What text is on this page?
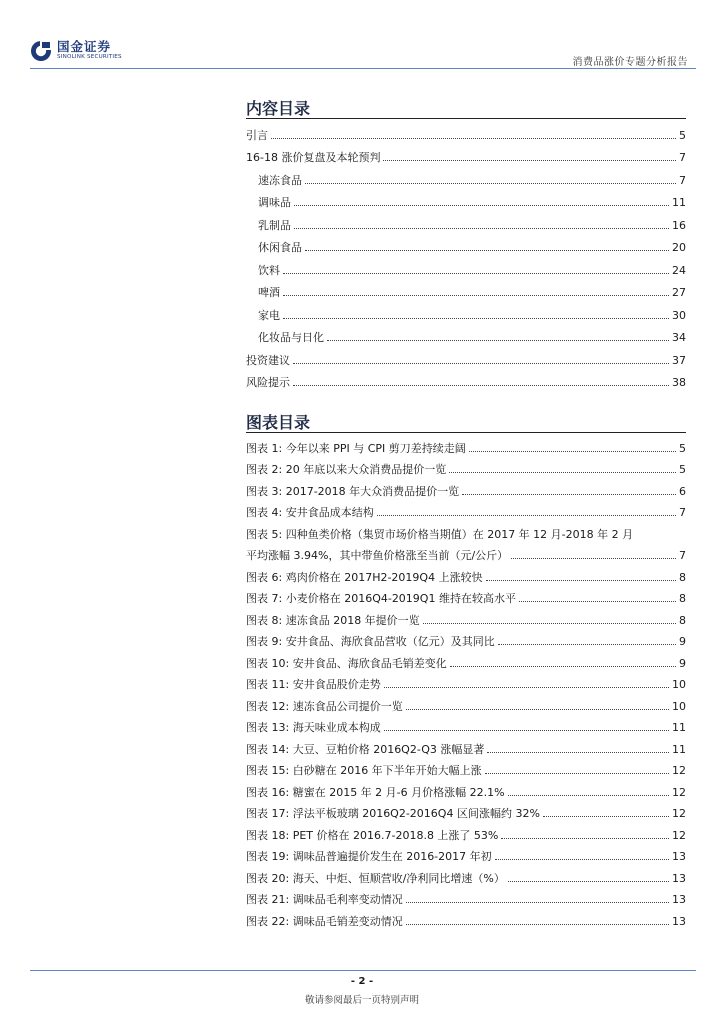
国金证券
SINOLINK SECURITIES	消费品涨价专题分析报告
内容目录
引言	5
16-18 涨价复盘及本轮预判	7
速冻食品	7
调味品	11
乳制品	16
休闲食品	20
饮料	24
啤酒	27
家电	30
化妆品与日化	34
投资建议	37
风险提示	38
图表目录
图表 1: 今年以来 PPI 与 CPI 剪刀差持续走阔	5
图表 2: 20 年底以来大众消费品提价一览	5
图表 3: 2017-2018 年大众消费品提价一览	6
图表 4: 安井食品成本结构	7
图表 5: 四种鱼类价格（集贸市场价格当期值）在 2017 年 12 月-2018 年 2 月
平均涨幅 3.94%，其中带鱼价格涨至当前（元/公斤）	7
图表 6: 鸡肉价格在 2017H2-2019Q4 上涨较快	8
图表 7: 小麦价格在 2016Q4-2019Q1 维持在较高水平	8
图表 8: 速冻食品 2018 年提价一览	8
图表 9: 安井食品、海欣食品营收（亿元）及其同比	9
图表 10: 安井食品、海欣食品毛销差变化	9
图表 11: 安井食品股价走势	10
图表 12: 速冻食品公司提价一览	10
图表 13: 海天味业成本构成	11
图表 14: 大豆、豆粕价格 2016Q2-Q3 涨幅显著	11
图表 15: 白砂糖在 2016 年下半年开始大幅上涨	12
图表 16: 糖蜜在 2015 年 2 月-6 月价格涨幅 22.1%	12
图表 17: 浮法平板玻璃 2016Q2-2016Q4 区间涨幅约 32%	12
图表 18: PET 价格在 2016.7-2018.8 上涨了 53%	12
图表 19: 调味品普遍提价发生在 2016-2017 年初	13
图表 20: 海天、中炬、恒顺营收/净利同比增速（%）	13
图表 21: 调味品毛利率变动情况	13
图表 22: 调味品毛销差变动情况	13
- 2 -
敬请参阅最后一页特别声明
